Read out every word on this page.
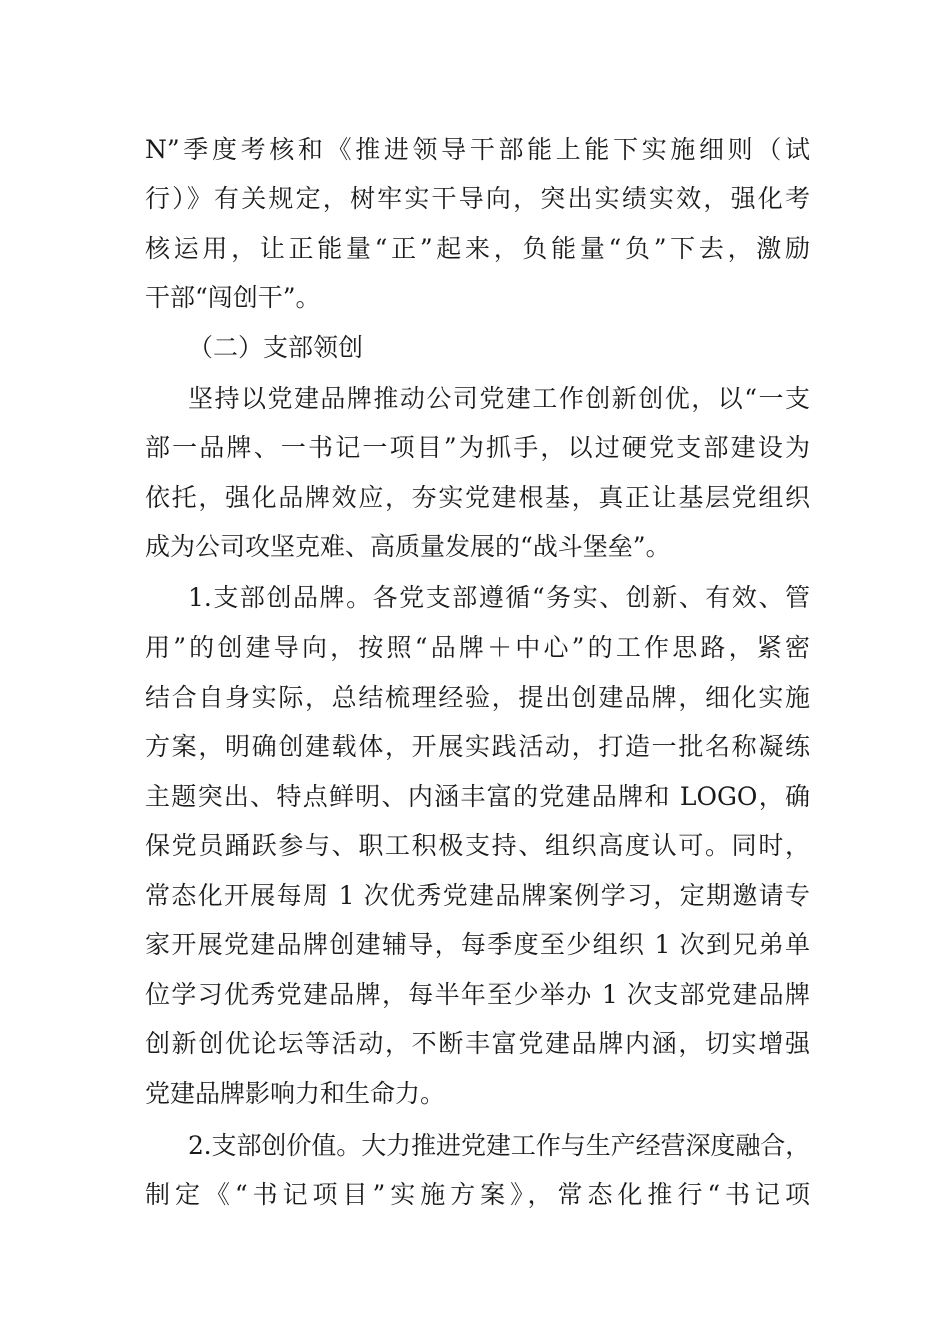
N”季度考核和《推进领导干部能上能下实施细则（试
行）》有关规定，树牢实干导向，突出实绩实效，强化考
核运用，让正能量“正”起来，负能量“负”下去，激励
干部“闯创干”。
（二）支部领创
坚持以党建品牌推动公司党建工作创新创优，以“一支
部一品牌、一书记一项目”为抓手，以过硬党支部建设为
依托，强化品牌效应，夯实党建根基，真正让基层党组织
成为公司攻坚克难、高质量发展的“战斗堡垒”。
1.支部创品牌。各党支部遵循“务实、创新、有效、管
用”的创建导向，按照“品牌＋中心”的工作思路，紧密
结合自身实际，总结梳理经验，提出创建品牌，细化实施
方案，明确创建载体，开展实践活动，打造一批名称凝练
主题突出、特点鲜明、内涵丰富的党建品牌和 LOGO，确
保党员踊跃参与、职工积极支持、组织高度认可。同时，
常态化开展每周 1 次优秀党建品牌案例学习，定期邀请专
家开展党建品牌创建辅导，每季度至少组织 1 次到兄弟单
位学习优秀党建品牌，每半年至少举办 1 次支部党建品牌
创新创优论坛等活动，不断丰富党建品牌内涵，切实增强
党建品牌影响力和生命力。
2.支部创价值。大力推进党建工作与生产经营深度融合，
制定《“书记项目”实施方案》，常态化推行“书记项
